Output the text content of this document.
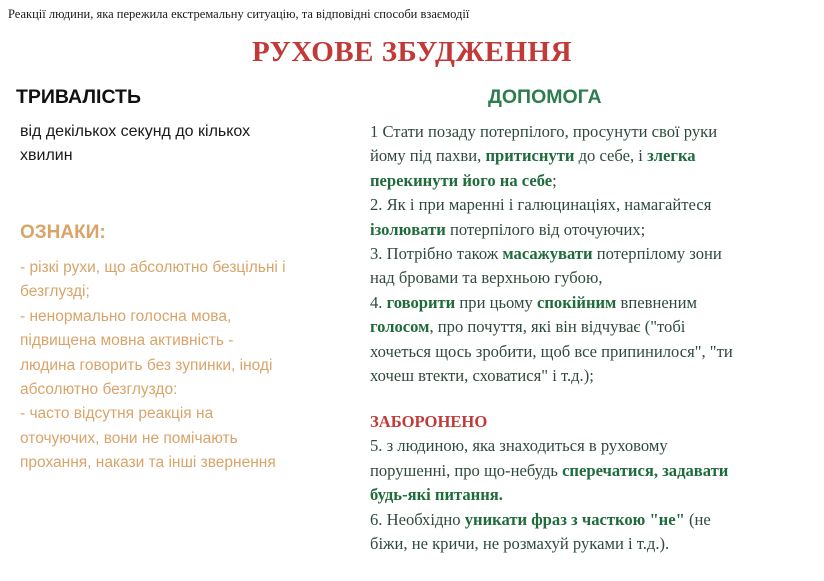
Реакції людини, яка пережила екстремальну ситуацію, та відповідні способи взаємодії
РУХОВЕ ЗБУДЖЕННЯ
ТРИВАЛІСТЬ
від декількох секунд до кількох
хвилин
ОЗНАКИ:
- різкі рухи, що абсолютно безцільні і
безглузді;
- ненормально голосна мова,
підвищена мовна активність -
людина говорить без зупинки, іноді
абсолютно безглуздо:
- часто відсутня реакція на
оточуючих, вони не помічають
прохання, накази та інші звернення
ДОПОМОГА
1 Стати позаду потерпілого, просунути свої руки
йому під пахви, притиснути до себе, і злегка
перекинути його на себе;
2. Як і при маренні і галюцинаціях, намагайтеся
ізолювати потерпілого від оточуючих;
3. Потрібно також масажувати потерпілому зони
над бровами та верхньою губою,
4. говорити при цьому спокійним впевненим
голосом, про почуття, які він відчуває ("тобі
хочеться щось зробити, щоб все припинилося", "ти
хочеш втекти, сховатися" і т.д.);
ЗАБОРОНЕНО
5. з людиною, яка знаходиться в руховому
порушенні, про що-небудь сперечатися, задавати
будь-які питання.
6. Необхідно уникати фраз з часткою "не" (не
біжи, не кричи, не розмахуй руками і т.д.).
